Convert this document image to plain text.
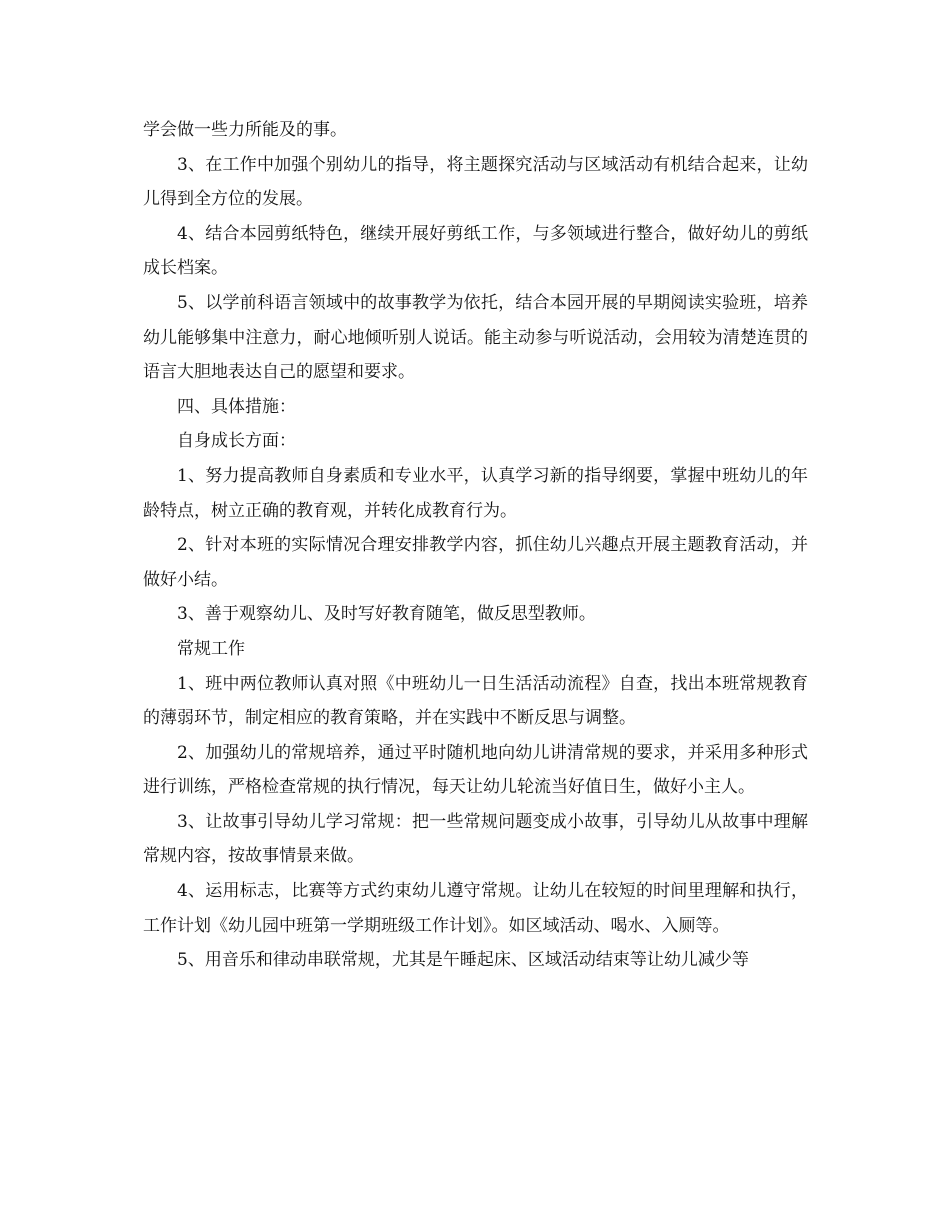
学会做一些力所能及的事。

3、在工作中加强个别幼儿的指导，将主题探究活动与区域活动有机结合起来，让幼儿得到全方位的发展。

4、结合本园剪纸特色，继续开展好剪纸工作，与多领域进行整合，做好幼儿的剪纸成长档案。

5、以学前科语言领域中的故事教学为依托，结合本园开展的早期阅读实验班，培养幼儿能够集中注意力，耐心地倾听别人说话。能主动参与听说活动，会用较为清楚连贯的语言大胆地表达自己的愿望和要求。

四、具体措施：

自身成长方面：

1、努力提高教师自身素质和专业水平，认真学习新的指导纲要，掌握中班幼儿的年龄特点，树立正确的教育观，并转化成教育行为。

2、针对本班的实际情况合理安排教学内容，抓住幼儿兴趣点开展主题教育活动，并做好小结。

3、善于观察幼儿、及时写好教育随笔，做反思型教师。

常规工作

1、班中两位教师认真对照《中班幼儿一日生活活动流程》自查，找出本班常规教育的薄弱环节，制定相应的教育策略，并在实践中不断反思与调整。

2、加强幼儿的常规培养，通过平时随机地向幼儿讲清常规的要求，并采用多种形式进行训练，严格检查常规的执行情况，每天让幼儿轮流当好值日生，做好小主人。

3、让故事引导幼儿学习常规：把一些常规问题变成小故事，引导幼儿从故事中理解常规内容，按故事情景来做。

4、运用标志，比赛等方式约束幼儿遵守常规。让幼儿在较短的时间里理解和执行，工作计划《幼儿园中班第一学期班级工作计划》。如区域活动、喝水、入厕等。

5、用音乐和律动串联常规，尤其是午睡起床、区域活动结束等让幼儿减少等
